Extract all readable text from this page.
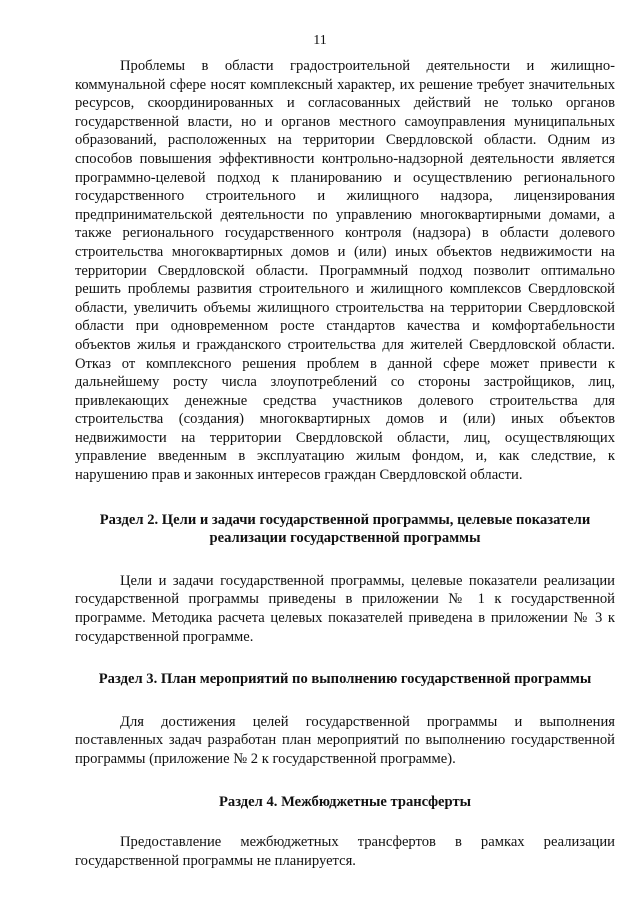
11

Проблемы в области градостроительной деятельности и жилищно-коммунальной сфере носят комплексный характер, их решение требует значительных ресурсов, скоординированных и согласованных действий не только органов государственной власти, но и органов местного самоуправления муниципальных образований, расположенных на территории Свердловской области. Одним из способов повышения эффективности контрольно-надзорной деятельности является программно-целевой подход к планированию и осуществлению регионального государственного строительного и жилищного надзора, лицензирования предпринимательской деятельности по управлению многоквартирными домами, а также регионального государственного контроля (надзора) в области долевого строительства многоквартирных домов и (или) иных объектов недвижимости на территории Свердловской области. Программный подход позволит оптимально решить проблемы развития строительного и жилищного комплексов Свердловской области, увеличить объемы жилищного строительства на территории Свердловской области при одновременном росте стандартов качества и комфортабельности объектов жилья и гражданского строительства для жителей Свердловской области. Отказ от комплексного решения проблем в данной сфере может привести к дальнейшему росту числа злоупотреблений со стороны застройщиков, лиц, привлекающих денежные средства участников долевого строительства для строительства (создания) многоквартирных домов и (или) иных объектов недвижимости на территории Свердловской области, лиц, осуществляющих управление введенным в эксплуатацию жилым фондом, и, как следствие, к нарушению прав и законных интересов граждан Свердловской области.

Раздел 2. Цели и задачи государственной программы, целевые показатели
реализации государственной программы

Цели и задачи государственной программы, целевые показатели реализации государственной программы приведены в приложении № 1 к государственной программе. Методика расчета целевых показателей приведена в приложении № 3 к государственной программе.

Раздел 3. План мероприятий по выполнению государственной программы

Для достижения целей государственной программы и выполнения поставленных задач разработан план мероприятий по выполнению государственной программы (приложение № 2 к государственной программе).

Раздел 4. Межбюджетные трансферты

Предоставление межбюджетных трансфертов в рамках реализации государственной программы не планируется.
